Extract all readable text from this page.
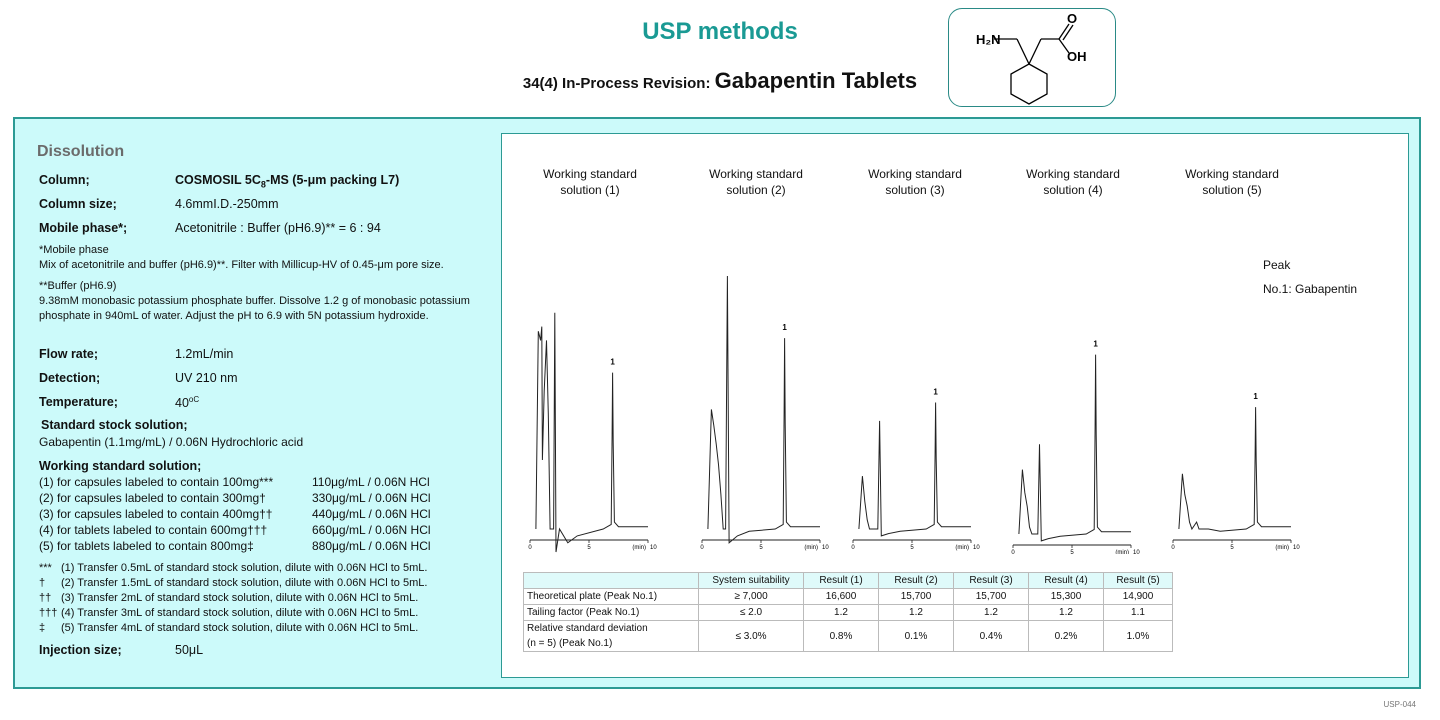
USP methods
34(4) In-Process Revision: Gabapentin Tablets
H₂N
O
OH
Dissolution
Column;	COSMOSIL $5C_8-MS$ (5-μm packing L7)
Column size;	4.6mmI.D.-250mm
Mobile phase*;	Acetonitrile : Buffer (pH6.9)** = 6 : 94
*Mobile phase
Mix of acetonitrile and buffer (pH6.9)**. Filter with Millicup-HV of 0.45-μm pore size.
**Buffer (pH6.9)
9.38mM monobasic potassium phosphate buffer. Dissolve 1.2 g of monobasic potassium phosphate in 940mL of water. Adjust the pH to 6.9 with 5N potassium hydroxide.
Flow rate;	1.2mL/min
Detection;	UV 210 nm
Temperature;	$40^{oC}$
Standard stock solution;
Gabapentin (1.1mg/mL) / 0.06N Hydrochloric acid
Working standard solution;
(1) for capsules labeled to contain 100mg***	110μg/mL / 0.06N HCl
(2) for capsules labeled to contain 300mg†	330μg/mL / 0.06N HCl
(3) for capsules labeled to contain 400mg††	440μg/mL / 0.06N HCl
(4) for tablets labeled to contain 600mg†††	660μg/mL / 0.06N HCl
(5) for tablets labeled to contain 800mg‡	880μg/mL / 0.06N HCl
*** (1) Transfer 0.5mL of standard stock solution, dilute with 0.06N HCl to 5mL.
† (2) Transfer 1.5mL of standard stock solution, dilute with 0.06N HCl to 5mL.
†† (3) Transfer 2mL of standard stock solution, dilute with 0.06N HCl to 5mL.
††† (4) Transfer 3mL of standard stock solution, dilute with 0.06N HCl to 5mL.
‡ (5) Transfer 4mL of standard stock solution, dilute with 0.06N HCl to 5mL.
Injection size;	50μL
Working standard
solution (1)
Working standard
solution (2)
Working standard
solution (3)
Working standard
solution (4)
Working standard
solution (5)
Peak
No.1: Gabapentin
1
0	5	10
(min)
1
0	5	10
(min)
1
0	5	10
(min)
1
0	5	10
(min)
1
0	5	10
(min)
	System suitability	Result (1)	Result (2)	Result (3)	Result (4)	Result (5)
Theoretical plate (Peak No.1)	≥ 7,000	16,600	15,700	15,700	15,300	14,900
Tailing factor (Peak No.1)	≤ 2.0	1.2	1.2	1.2	1.2	1.1

Relative standard deviation
(n = 5) (Peak No.1)	≤ 3.0%	0.8%	0.1%	0.4%	0.2%	1.0%
USP-044
